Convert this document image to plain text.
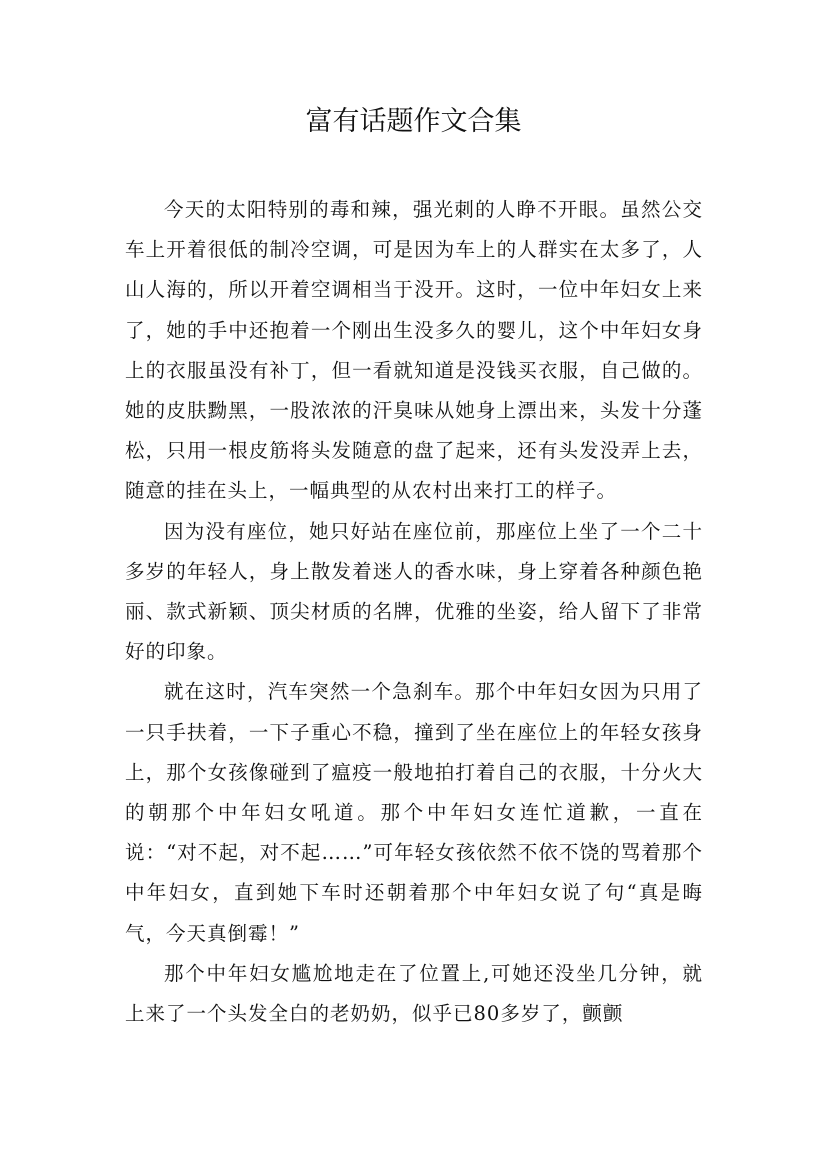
富有话题作文合集

今天的太阳特别的毒和辣，强光刺的人睁不开眼。虽然公交车上开着很低的制冷空调，可是因为车上的人群实在太多了，人山人海的，所以开着空调相当于没开。这时，一位中年妇女上来了，她的手中还抱着一个刚出生没多久的婴儿，这个中年妇女身上的衣服虽没有补丁，但一看就知道是没钱买衣服，自己做的。她的皮肤黝黑，一股浓浓的汗臭味从她身上漂出来，头发十分蓬松，只用一根皮筋将头发随意的盘了起来，还有头发没弄上去，随意的挂在头上，一幅典型的从农村出来打工的样子。

因为没有座位，她只好站在座位前，那座位上坐了一个二十多岁的年轻人，身上散发着迷人的香水味，身上穿着各种颜色艳丽、款式新颖、顶尖材质的名牌，优雅的坐姿，给人留下了非常好的印象。

就在这时，汽车突然一个急刹车。那个中年妇女因为只用了一只手扶着，一下子重心不稳，撞到了坐在座位上的年轻女孩身上，那个女孩像碰到了瘟疫一般地拍打着自己的衣服，十分火大的朝那个中年妇女吼道。那个中年妇女连忙道歉，一直在说：“对不起，对不起……”可年轻女孩依然不依不饶的骂着那个中年妇女，直到她下车时还朝着那个中年妇女说了句“真是晦气，今天真倒霉！”

那个中年妇女尴尬地走在了位置上,可她还没坐几分钟，就上来了一个头发全白的老奶奶，似乎已80多岁了，颤颤
